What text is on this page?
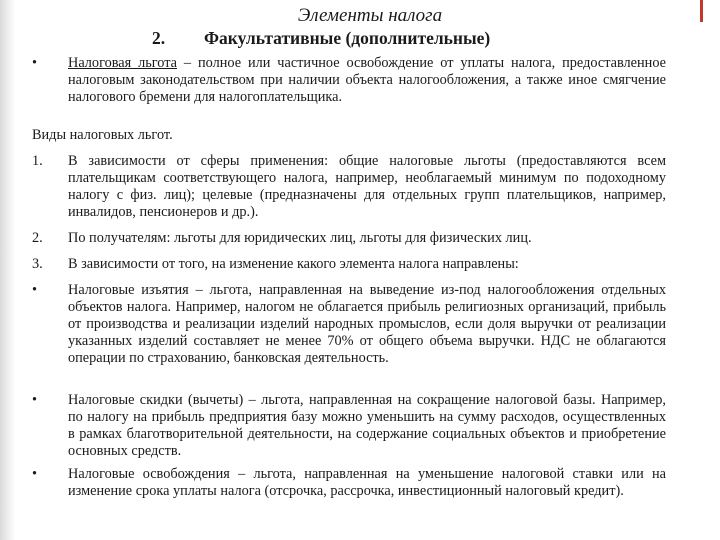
Элементы налога
2. Факультативные (дополнительные)
• Налоговая льгота – полное или частичное освобождение от уплаты налога, предоставленное налоговым законодательством при наличии объекта налогообложения, а также иное смягчение налогового бремени для налогоплательщика.
Виды налоговых льгот.
1. В зависимости от сферы применения: общие налоговые льготы (предоставляются всем плательщикам соответствующего налога, например, необлагаемый минимум по подоходному налогу с физ. лиц); целевые (предназначены для отдельных групп плательщиков, например, инвалидов, пенсионеров и др.).
2. По получателям: льготы для юридических лиц, льготы для физических лиц.
3. В зависимости от того, на изменение какого элемента налога направлены:
• Налоговые изъятия – льгота, направленная на выведение из-под налогообложения отдельных объектов налога. Например, налогом не облагается прибыль религиозных организаций, прибыль от производства и реализации изделий народных промыслов, если доля выручки от реализации указанных изделий составляет не менее 70% от общего объема выручки. НДС не облагаются операции по страхованию, банковская деятельность.
• Налоговые скидки (вычеты) – льгота, направленная на сокращение налоговой базы. Например, по налогу на прибыль предприятия базу можно уменьшить на сумму расходов, осуществленных в рамках благотворительной деятельности, на содержание социальных объектов и приобретение основных средств.
• Налоговые освобождения – льгота, направленная на уменьшение налоговой ставки или на изменение срока уплаты налога (отсрочка, рассрочка, инвестиционный налоговый кредит).
